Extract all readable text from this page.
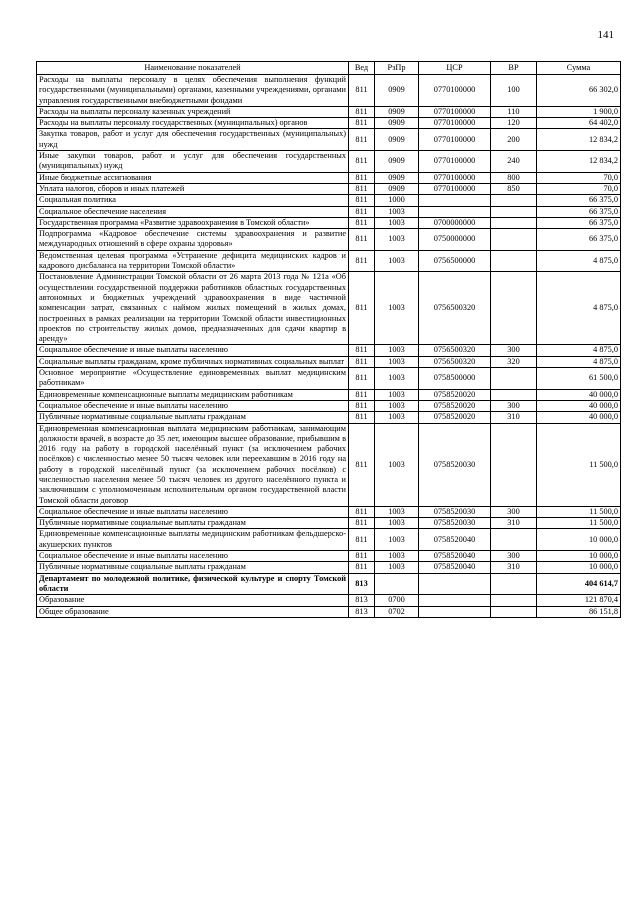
141
Наименование показателей	Вед	РзПр	ЦСР	ВР	Сумма
Расходы на выплаты персоналу в целях обеспечения выполнения функций государственными (муниципальными) органами, казенными учреждениями, органами управления государственными внебюджетными фондами	811	0909	0770100000	100	66 302,0
Расходы на выплаты персоналу казенных учреждений	811	0909	0770100000	110	1 900,0
Расходы на выплаты персоналу государственных (муниципальных) органов	811	0909	0770100000	120	64 402,0
Закупка товаров, работ и услуг для обеспечения государственных (муниципальных) нужд	811	0909	0770100000	200	12 834,2
Иные закупки товаров, работ и услуг для обеспечения государственных (муниципальных) нужд	811	0909	0770100000	240	12 834,2
Иные бюджетные ассигнования	811	0909	0770100000	800	70,0
Уплата налогов, сборов и иных платежей	811	0909	0770100000	850	70,0
Социальная политика	811	1000			66 375,0
Социальное обеспечение населения	811	1003			66 375,0
Государственная программа «Развитие здравоохранения в Томской области»	811	1003	0700000000		66 375,0
Подпрограмма «Кадровое обеспечение системы здравоохранения и развитие международных отношений в сфере охраны здоровья»	811	1003	0750000000		66 375,0
Ведомственная целевая программа «Устранение дефицита медицинских кадров и кадрового дисбаланса на территории Томской области»	811	1003	0756500000		4 875,0
Постановление Администрации Томской области от 26 марта 2013 года № 121а «Об осуществлении государственной поддержки работников областных государственных автономных и бюджетных учреждений здравоохранения в виде частичной компенсации затрат, связанных с наймом жилых помещений в жилых домах, построенных в рамках реализации на территории Томской области инвестиционных проектов по строительству жилых домов, предназначенных для сдачи квартир в аренду»	811	1003	0756500320		4 875,0
Социальное обеспечение и иные выплаты населению	811	1003	0756500320	300	4 875,0
Социальные выплаты гражданам, кроме публичных нормативных социальных выплат	811	1003	0756500320	320	4 875,0
Основное мероприятие «Осуществление единовременных выплат медицинским работникам»	811	1003	0758500000		61 500,0
Единовременные компенсационные выплаты медицинским работникам	811	1003	0758520020		40 000,0
Социальное обеспечение и иные выплаты населению	811	1003	0758520020	300	40 000,0
Публичные нормативные социальные выплаты гражданам	811	1003	0758520020	310	40 000,0
Единовременная компенсационная выплата медицинским работникам, занимающим должности врачей, в возрасте до 35 лет, имеющим высшее образование, прибывшим в 2016 году на работу в городской населённый пункт (за исключением рабочих посёлков) с численностью менее 50 тысяч человек или переехавшим в 2016 году на работу в городской населённый пункт (за исключением рабочих посёлков) с численностью населения менее 50 тысяч человек из другого населённого пункта и заключившим с уполномоченным исполнительным органом государственной власти Томской области договор	811	1003	0758520030		11 500,0
Социальное обеспечение и иные выплаты населению	811	1003	0758520030	300	11 500,0
Публичные нормативные социальные выплаты гражданам	811	1003	0758520030	310	11 500,0
Единовременные компенсационные выплаты медицинским работникам фельдшерско-акушерских пунктов	811	1003	0758520040		10 000,0
Социальное обеспечение и иные выплаты населению	811	1003	0758520040	300	10 000,0
Публичные нормативные социальные выплаты гражданам	811	1003	0758520040	310	10 000,0
Департамент по молодежной политике, физической культуре и спорту Томской области	813				404 614,7
Образование	813	0700			121 870,4
Общее образование	813	0702			86 151,8
